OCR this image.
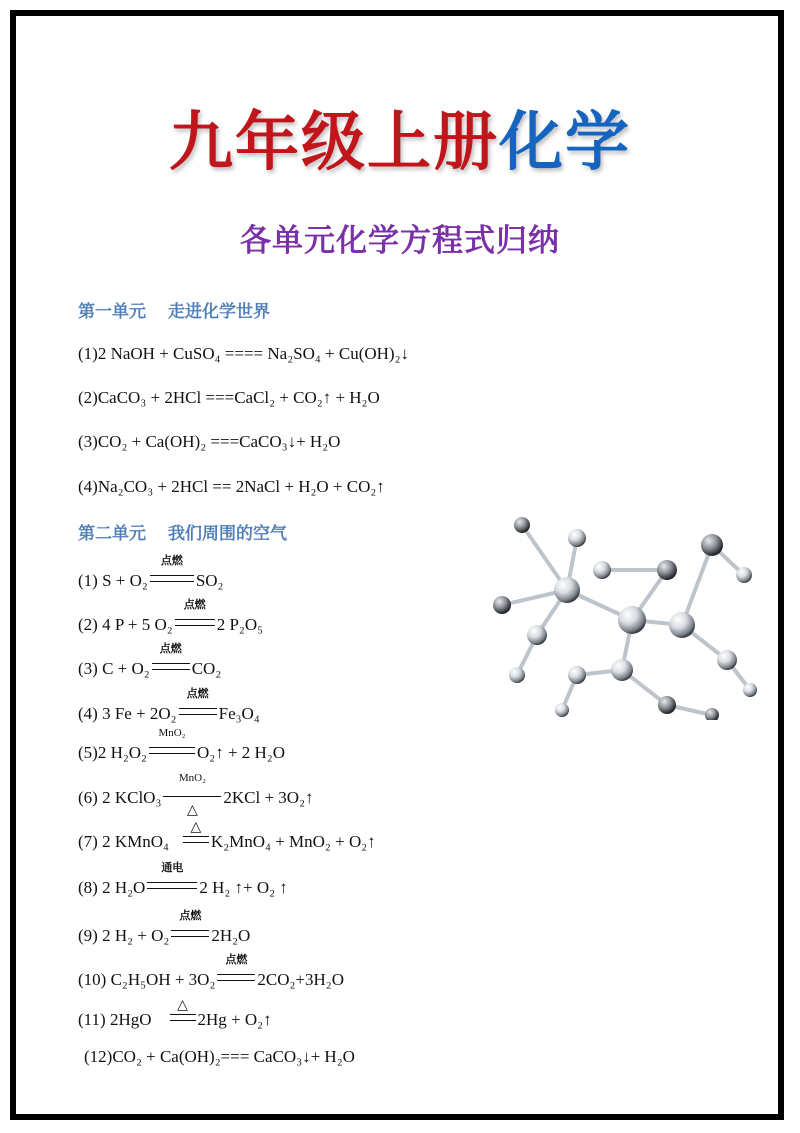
九年级上册化学
各单元化学方程式归纳
第一单元 走进化学世界
(1)2 NaOH + CuSO₄ ==== Na₂SO₄ + Cu(OH)₂↓
(2)CaCO₃ + 2HCl ===CaCl₂ + CO₂↑ + H₂O
(3)CO₂ + Ca(OH)₂ ===CaCO₃↓+ H₂O
(4)Na₂CO₃ + 2HCl == 2NaCl + H₂O + CO₂↑
第二单元 我们周围的空气
(1) S + O₂
点燃
SO₂
(2) 4 P + 5 O₂
点燃
2 P₂O₅
(3) C + O₂
点燃
CO₂
(4) 3 Fe + 2O₂
点燃
Fe₃O₄
(5)2 H₂O₂
MnO₂
O₂↑ + 2 H₂O
(6) 2 KClO₃
MnO₂
△
2KCl + 3O₂↑
(7) 2 KMnO₄
△
K₂MnO₄ + MnO₂ + O₂↑
(8) 2 H₂O
通电
2 H₂ ↑+ O₂ ↑
(9) 2 H₂ + O₂
点燃
2H₂O
(10) C₂H₅OH + 3O₂
点燃
2CO₂+3H₂O
(11) 2HgO
△
2Hg + O₂↑
(12)CO₂ + Ca(OH)₂=== CaCO₃↓+ H₂O
